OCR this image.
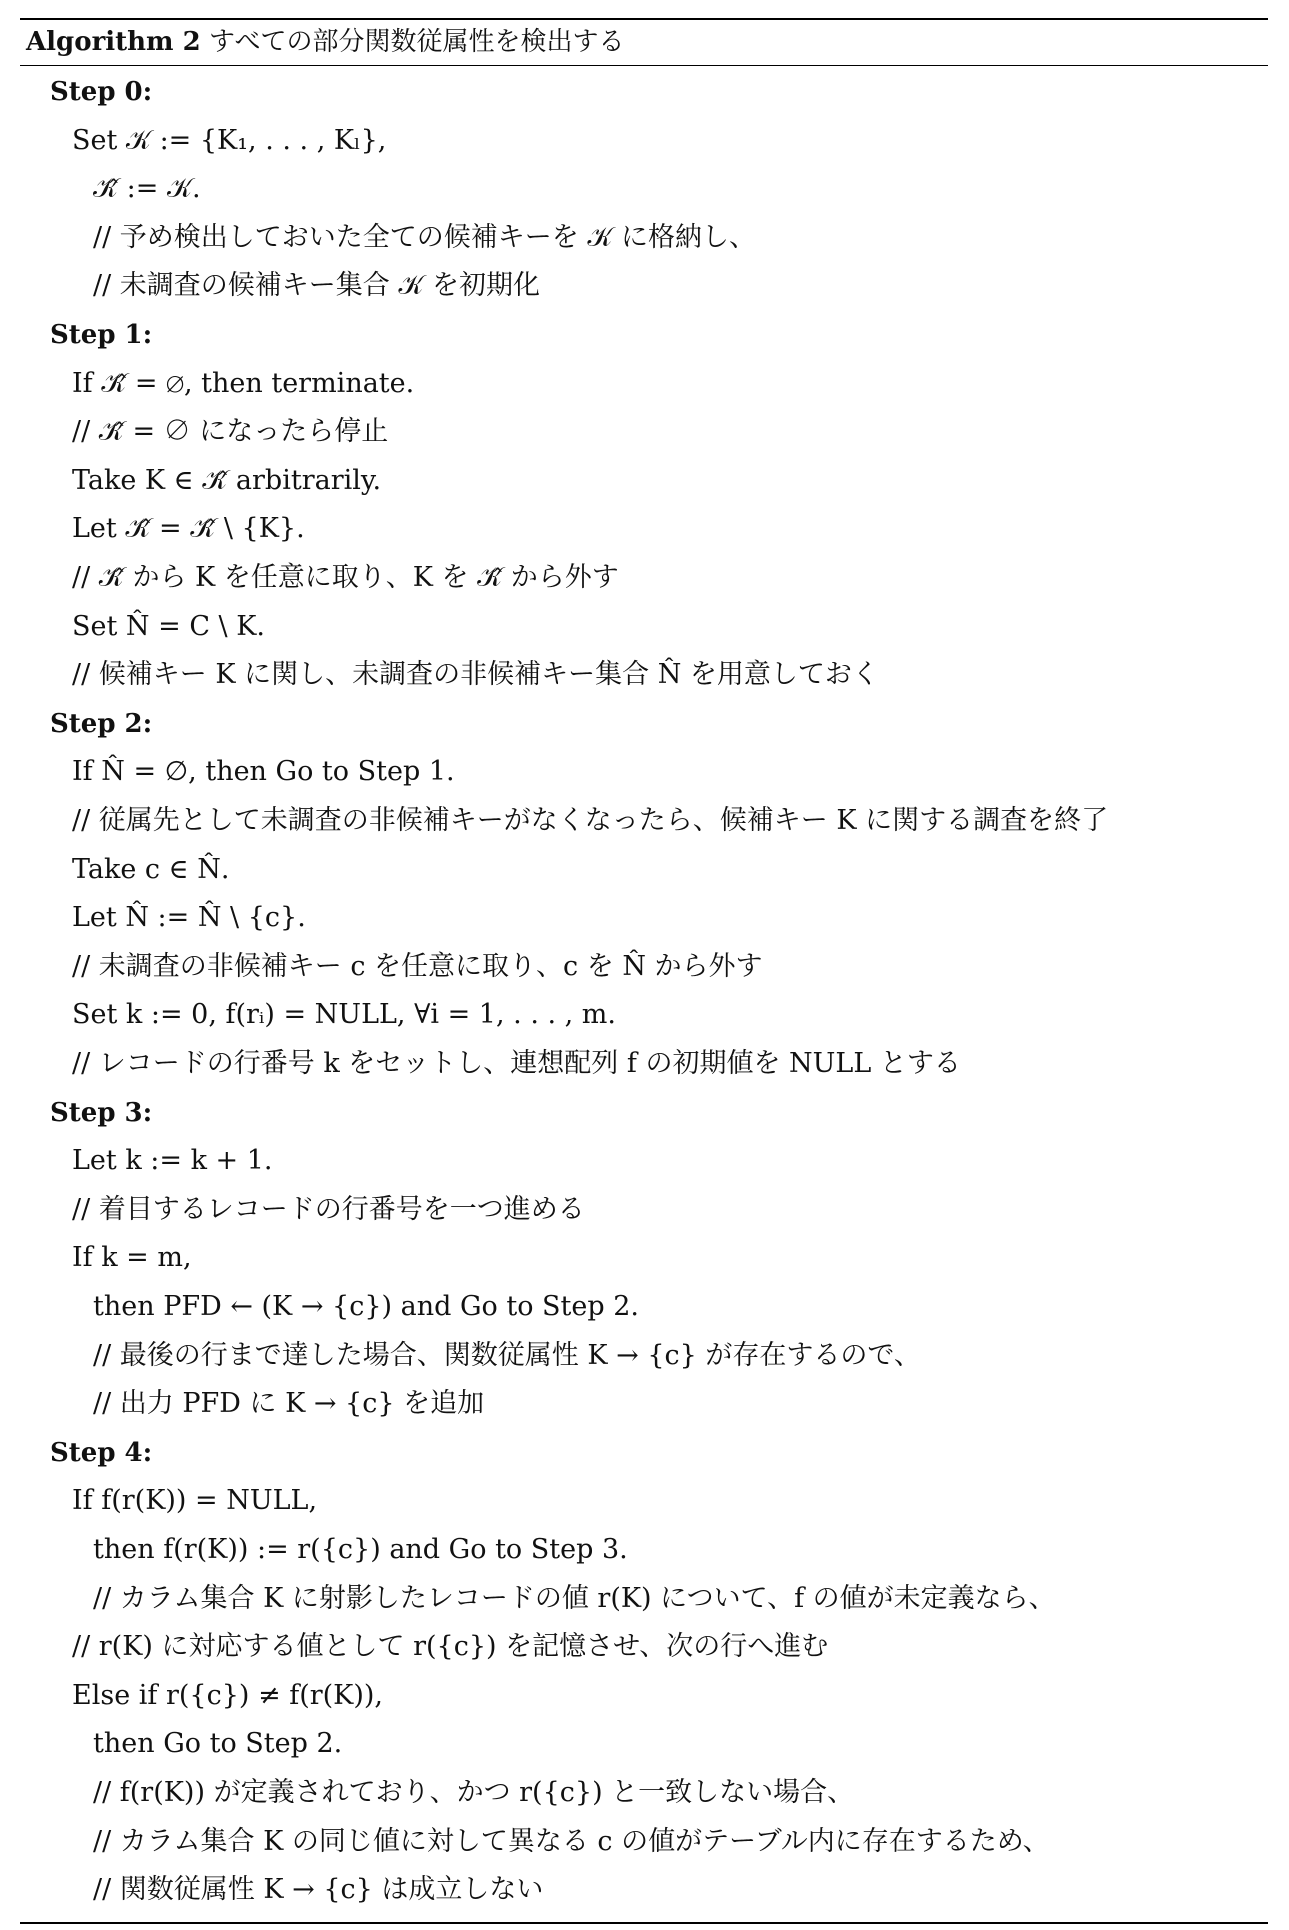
Algorithm 2 すべての部分関数従属性を検出する
Step 0:
Set 𝒦 := {K₁, . . . , Kₗ},
𝒦̂ := 𝒦.
// 予め検出しておいた全ての候補キーを 𝒦 に格納し、
// 未調査の候補キー集合 𝒦 を初期化
Step 1:
If 𝒦̂ = ∅, then terminate.
// 𝒦̂ = ∅ になったら停止
Take K ∈ 𝒦̂ arbitrarily.
Let 𝒦̂ = 𝒦̂ \ {K}.
// 𝒦̂ から K を任意に取り、K を 𝒦̂ から外す
Set N̂ = C \ K.
// 候補キー K に関し、未調査の非候補キー集合 N̂ を用意しておく
Step 2:
If N̂ = ∅, then Go to Step 1.
// 従属先として未調査の非候補キーがなくなったら、候補キー K に関する調査を終了
Take c ∈ N̂.
Let N̂ := N̂ \ {c}.
// 未調査の非候補キー c を任意に取り、c を N̂ から外す
Set k := 0, f(rᵢ) = NULL, ∀i = 1, . . . , m.
// レコードの行番号 k をセットし、連想配列 f の初期値を NULL とする
Step 3:
Let k := k + 1.
// 着目するレコードの行番号を一つ進める
If k = m,
then PFD ← (K → {c}) and Go to Step 2.
// 最後の行まで達した場合、関数従属性 K → {c} が存在するので、
// 出力 PFD に K → {c} を追加
Step 4:
If f(r(K)) = NULL,
then f(r(K)) := r({c}) and Go to Step 3.
// カラム集合 K に射影したレコードの値 r(K) について、f の値が未定義なら、
// r(K) に対応する値として r({c}) を記憶させ、次の行へ進む
Else if r({c}) ≠ f(r(K)),
then Go to Step 2.
// f(r(K)) が定義されており、かつ r({c}) と一致しない場合、
// カラム集合 K の同じ値に対して異なる c の値がテーブル内に存在するため、
// 関数従属性 K → {c} は成立しない
